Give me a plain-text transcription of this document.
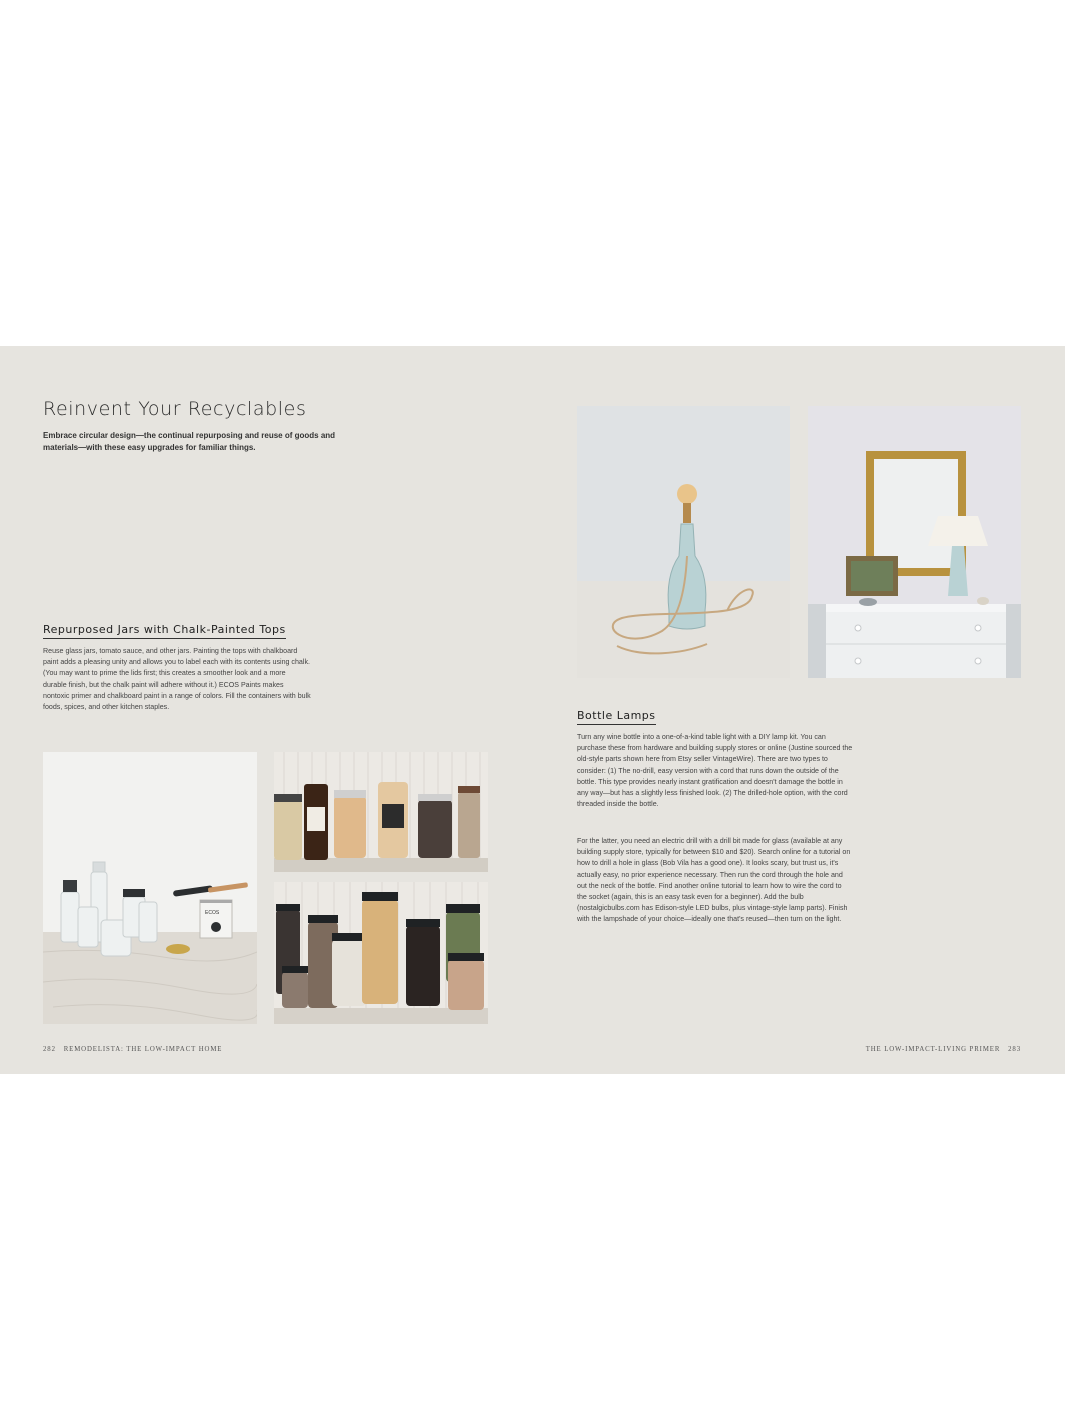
Reinvent Your Recyclables

Embrace circular design—the continual repurposing and reuse of goods and materials—with these easy upgrades for familiar things.

Repurposed Jars with Chalk-Painted Tops

Reuse glass jars, tomato sauce, and other jars. Painting the tops with chalkboard paint adds a pleasing unity and allows you to label each with its contents using chalk. (You may want to prime the lids first; this creates a smoother look and a more durable finish, but the chalk paint will adhere without it.) ECOS Paints makes nontoxic primer and chalkboard paint in a range of colors. Fill the containers with bulk foods, spices, and other kitchen staples.

ECOS
Bottle Lamps

Turn any wine bottle into a one-of-a-kind table light with a DIY lamp kit. You can purchase these from hardware and building supply stores or online (Justine sourced the old-style parts shown here from Etsy seller VintageWire). There are two types to consider: (1) The no-drill, easy version with a cord that runs down the outside of the bottle. This type provides nearly instant gratification and doesn't damage the bottle in any way—but has a slightly less finished look. (2) The drilled-hole option, with the cord threaded inside the bottle.

For the latter, you need an electric drill with a drill bit made for glass (available at any building supply store, typically for between $10 and $20). Search online for a tutorial on how to drill a hole in glass (Bob Vila has a good one). It looks scary, but trust us, it's actually easy, no prior experience necessary. Then run the cord through the hole and out the neck of the bottle. Find another online tutorial to learn how to wire the cord to the socket (again, this is an easy task even for a beginner). Add the bulb (nostalgicbulbs.com has Edison-style LED bulbs, plus vintage-style lamp parts). Finish with the lampshade of your choice—ideally one that's reused—then turn on the light.

282 REMODELISTA: THE LOW-IMPACT HOME	THE LOW-IMPACT-LIVING PRIMER 283
